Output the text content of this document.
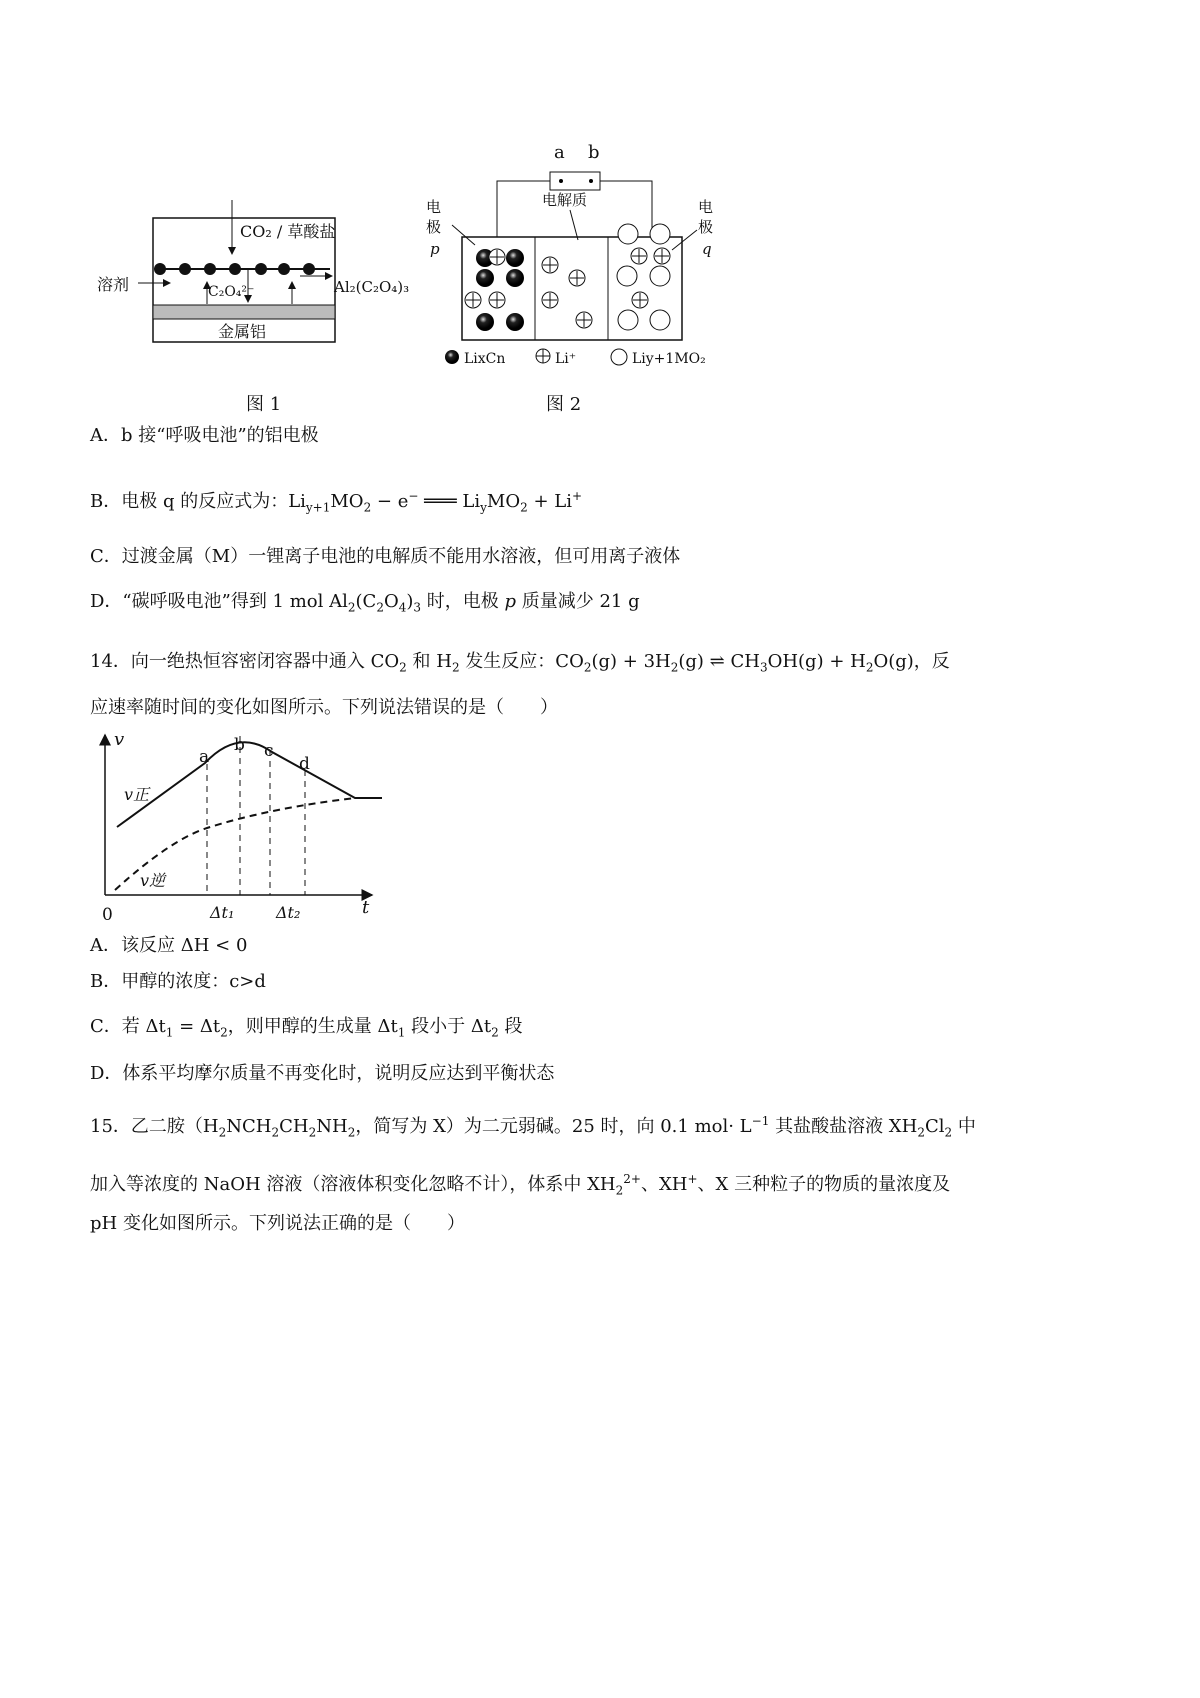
CO₂ / 草酸盐
C₂O₄²⁻
溶剂	Al₂(C₂O₄)₃
金属铝
a b
电解质
电
极
p
电
极
q
LixCn	Li⁺	Liy+1MO₂
图 1	图 2
A．b 接“呼吸电池”的铝电极
B．电极 q 的反应式为：$Li_{y+1}MO_2 - e^-$ ═══ $Li_yMO_2 + Li^+$
C．过渡金属（M）一锂离子电池的电解质不能用水溶液，但可用离子液体
D．“碳呼吸电池”得到 1 mol $Al_2(C_2O_4)_3$ 时，电极 p 质量减少 21 g
14．向一绝热恒容密闭容器中通入 $CO_2$ 和 $H_2$ 发生反应：$CO_2(g) + 3H_2(g)$ ⇌ $CH_3OH(g) + H_2O(g)$，反
应速率随时间的变化如图所示。下列说法错误的是（　　）
v
t
0
v正
v逆
a
b c
d
Δt₁	Δt₂
A．该反应 ΔH < 0
B．甲醇的浓度：c>d
C．若 $\Delta t_1 = \Delta t_2$，则甲醇的生成量 $\Delta t_1$ 段小于 $\Delta t_2$ 段
D．体系平均摩尔质量不再变化时，说明反应达到平衡状态
15．乙二胺（$H_2NCH_2CH_2NH_2$，简写为 X）为二元弱碱。25 时，向 0.1 $mol\cdot L^{-1}$ 其盐酸盐溶液 $XH_2Cl_2$ 中
加入等浓度的 NaOH 溶液（溶液体积变化忽略不计），体系中 $XH_2^{2+}$、XH+、X 三种粒子的物质的量浓度及
pH 变化如图所示。下列说法正确的是（　　）
